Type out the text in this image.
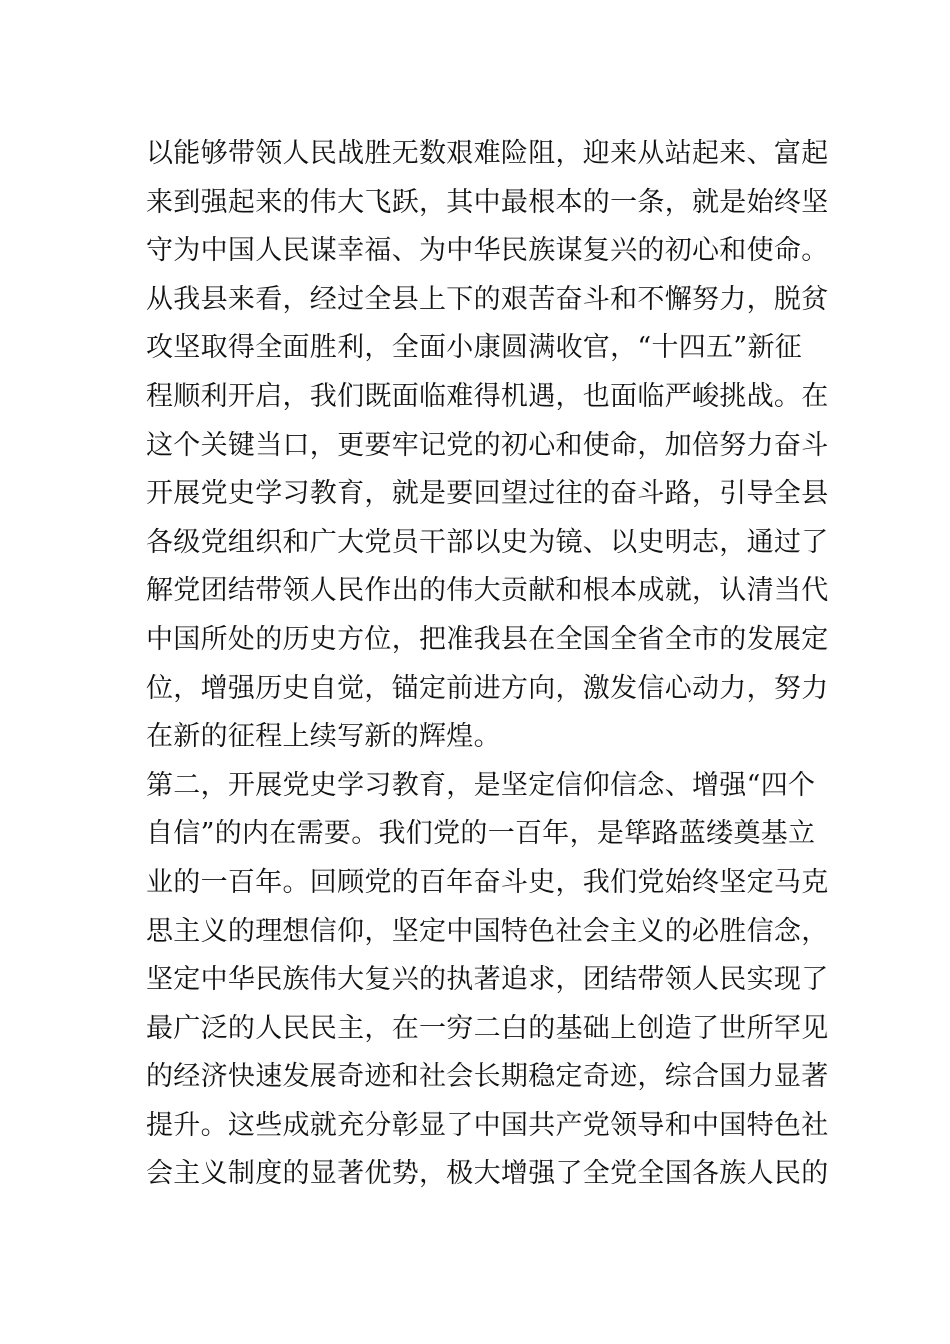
以能够带领人民战胜无数艰难险阻，迎来从站起来、富起
来到强起来的伟大飞跃，其中最根本的一条，就是始终坚
守为中国人民谋幸福、为中华民族谋复兴的初心和使命。
从我县来看，经过全县上下的艰苦奋斗和不懈努力，脱贫
攻坚取得全面胜利，全面小康圆满收官，“十四五”新征
程顺利开启，我们既面临难得机遇，也面临严峻挑战。在
这个关键当口，更要牢记党的初心和使命，加倍努力奋斗
开展党史学习教育，就是要回望过往的奋斗路，引导全县
各级党组织和广大党员干部以史为镜、以史明志，通过了
解党团结带领人民作出的伟大贡献和根本成就，认清当代
中国所处的历史方位，把准我县在全国全省全市的发展定
位，增强历史自觉，锚定前进方向，激发信心动力，努力
在新的征程上续写新的辉煌。
第二，开展党史学习教育，是坚定信仰信念、增强“四个
自信”的内在需要。我们党的一百年，是筚路蓝缕奠基立
业的一百年。回顾党的百年奋斗史，我们党始终坚定马克
思主义的理想信仰，坚定中国特色社会主义的必胜信念，
坚定中华民族伟大复兴的执著追求，团结带领人民实现了
最广泛的人民民主，在一穷二白的基础上创造了世所罕见
的经济快速发展奇迹和社会长期稳定奇迹，综合国力显著
提升。这些成就充分彰显了中国共产党领导和中国特色社
会主义制度的显著优势，极大增强了全党全国各族人民的
